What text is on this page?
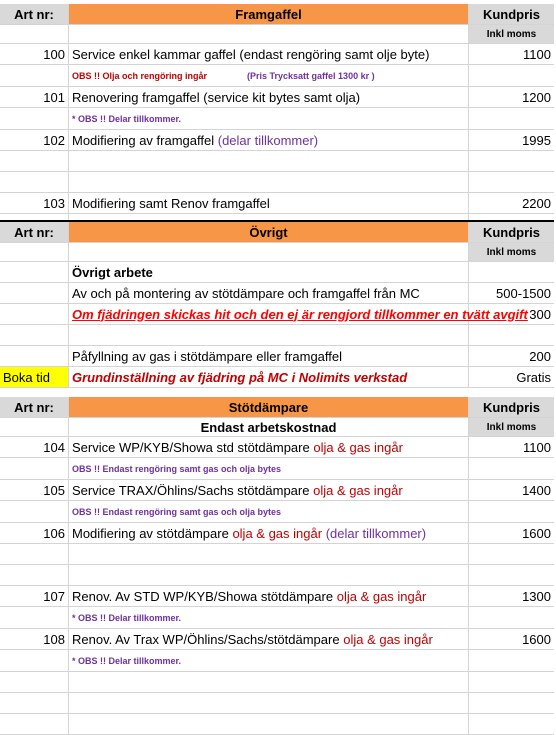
Art nr:	Framgaffel	Kundpris
		Inkl moms
100	Service enkel kammar gaffel (endast rengöring samt olje byte)	1100
	OBS !! Olja och rengöring ingår (Pris Trycksatt gaffel 1300 kr )	
101	Renovering framgaffel (service kit bytes samt olja)	1200
	* OBS !! Delar tillkommer.	
102	Modifiering av framgaffel (delar tillkommer)	1995

103	Modifiering samt Renov framgaffel	2200

Art nr:	Övrigt	Kundpris
		Inkl moms
	Övrigt arbete	
	Av och på montering av stötdämpare och framgaffel från MC	500-1500
	Om fjädringen skickas hit och den ej är rengjord tillkommer en tvätt avgift	300

	Påfyllning av gas i stötdämpare eller framgaffel	200
Boka tid	Grundinställning av fjädring på MC i Nolimits verkstad	Gratis
Art nr:	Stötdämpare	Kundpris
	Endast arbetskostnad	Inkl moms
104	Service WP/KYB/Showa std stötdämpare olja & gas ingår	1100
	OBS !! Endast rengöring samt gas och olja bytes	
105	Service TRAX/Öhlins/Sachs stötdämpare olja & gas ingår	1400
	OBS !! Endast rengöring samt gas och olja bytes	
106	Modifiering av stötdämpare olja & gas ingår (delar tillkommer)	1600

107	Renov. Av STD WP/KYB/Showa stötdämpare olja & gas ingår	1300
	* OBS !! Delar tillkommer.	
108	Renov. Av Trax WP/Öhlins/Sachs/stötdämpare olja & gas ingår	1600
	* OBS !! Delar tillkommer.	
